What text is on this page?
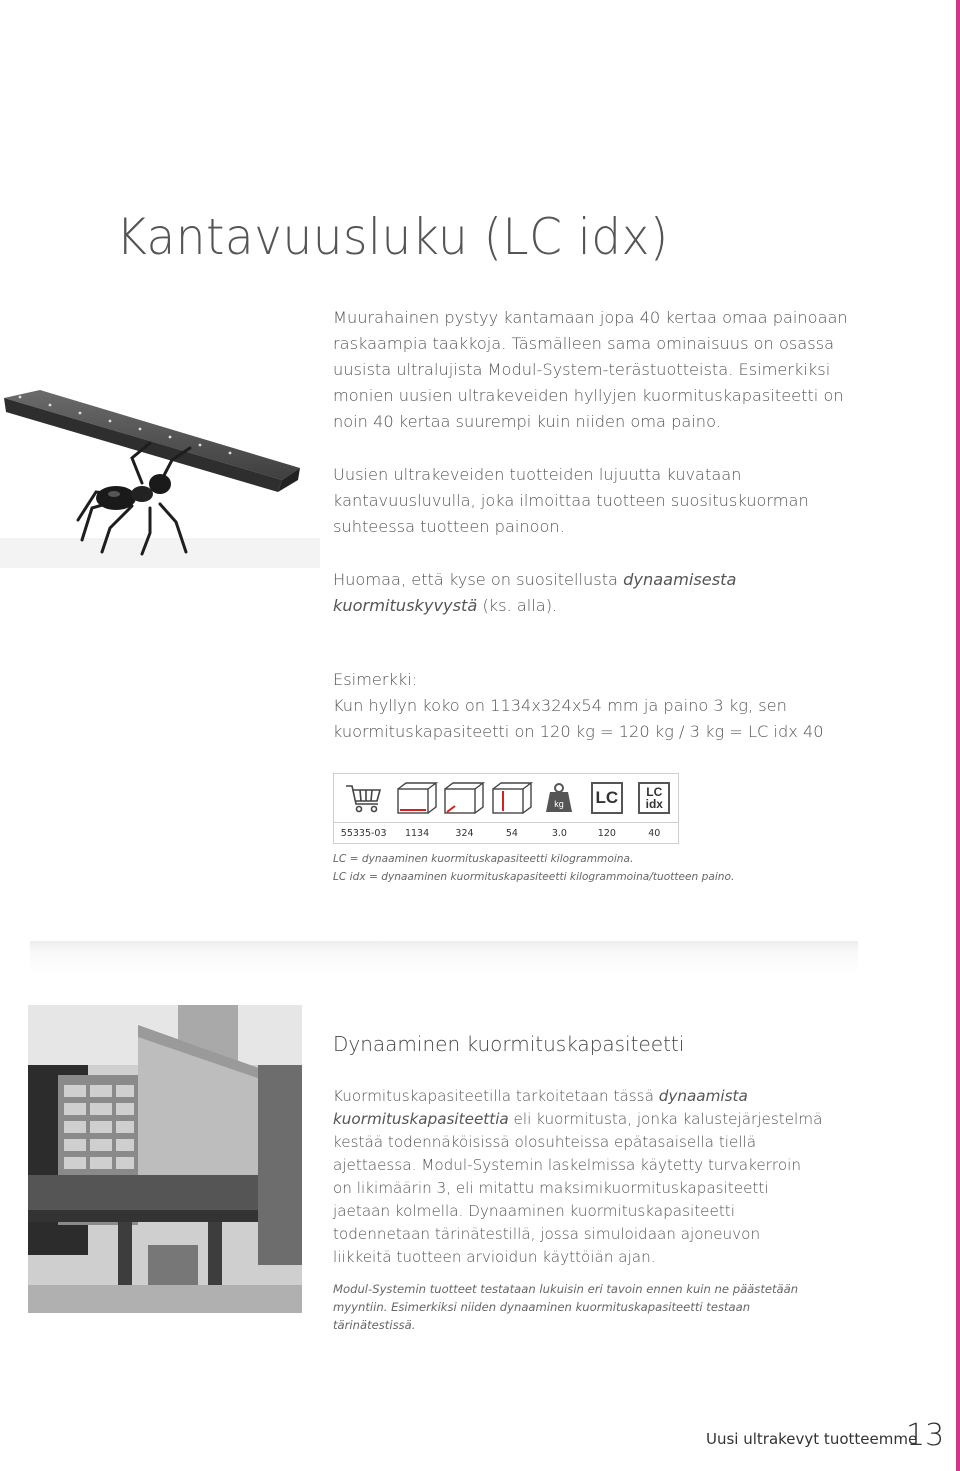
Kantavuusluku (LC idx)

Muurahainen pystyy kantamaan jopa 40 kertaa omaa painoaan raskaampia taakkoja. Täsmälleen sama ominaisuus on osassa uusista ultralujista Modul-System-terästuotteista. Esimerkiksi monien uusien ultrakeveiden hyllyjen kuormituskapasiteetti on noin 40 kertaa suurempi kuin niiden oma paino.

Uusien ultrakeveiden tuotteiden lujuutta kuvataan kantavuusluvulla, joka ilmoittaa tuotteen suosituskuorman suhteessa tuotteen painoon.

Huomaa, että kyse on suositellusta dynaamisesta kuormituskyvystä (ks. alla).

Esimerkki:

Kun hyllyn koko on 1134x324x54 mm ja paino 3 kg, sen kuormituskapasiteetti on 120 kg = 120 kg / 3 kg = LC idx 40

kg LC	LC
idx
55335-03	1134	324	54	3.0	120	40

LC = dynaaminen kuormituskapasiteetti kilogrammoina.

LC idx = dynaaminen kuormituskapasiteetti kilogrammoina/tuotteen paino.

Dynaaminen kuormituskapasiteetti

Kuormituskapasiteetilla tarkoitetaan tässä dynaamista kuormituskapasiteettia eli kuormitusta, jonka kalustejärjestelmä kestää todennäköisissä olosuhteissa epätasaisella tiellä ajettaessa. Modul-Systemin laskelmissa käytetty turvakerroin on likimäärin 3, eli mitattu maksimikuormituskapasiteetti jaetaan kolmella. Dynaaminen kuormituskapasiteetti todennetaan tärinätestillä, jossa simuloidaan ajoneuvon liikkeitä tuotteen arvioidun käyttöiän ajan.

Modul-Systemin tuotteet testataan lukuisin eri tavoin ennen kuin ne päästetään myyntiin. Esimerkiksi niiden dynaaminen kuormituskapasiteetti testaan tärinätestissä.

Uusi ultrakevyt tuotteemme
13
